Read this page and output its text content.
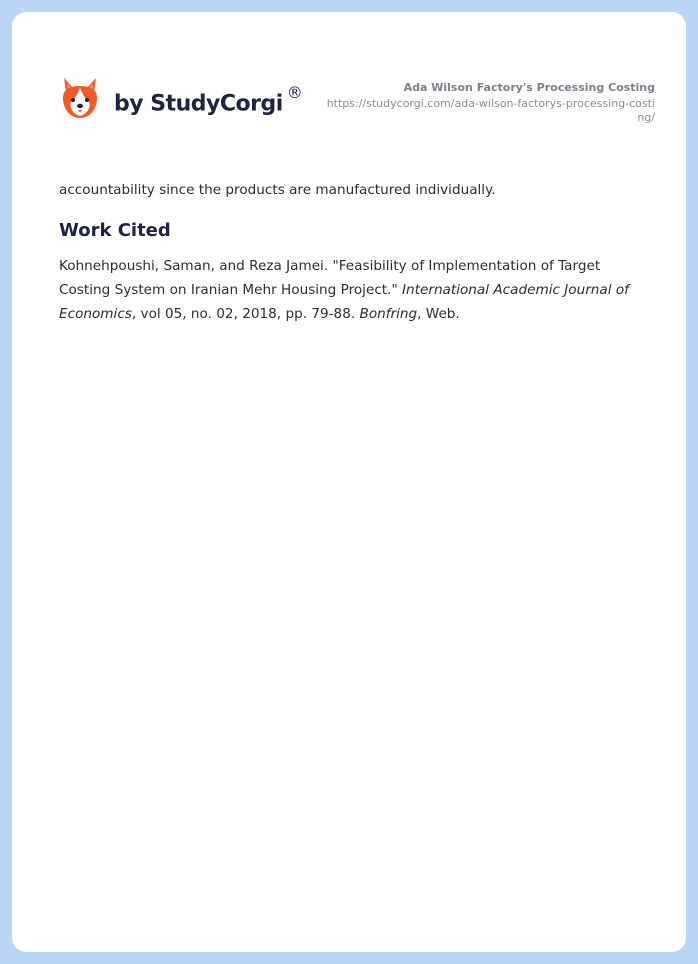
by StudyCorgi ®	Ada Wilson Factory's Processing Costing
https://studycorgi.com/ada-wilson-factorys-processing-costing/

accountability since the products are manufactured individually.

Work Cited

Kohnehpoushi, Saman, and Reza Jamei. "Feasibility of Implementation of Target Costing System on Iranian Mehr Housing Project." International Academic Journal of Economics, vol 05, no. 02, 2018, pp. 79-88. Bonfring, Web.
